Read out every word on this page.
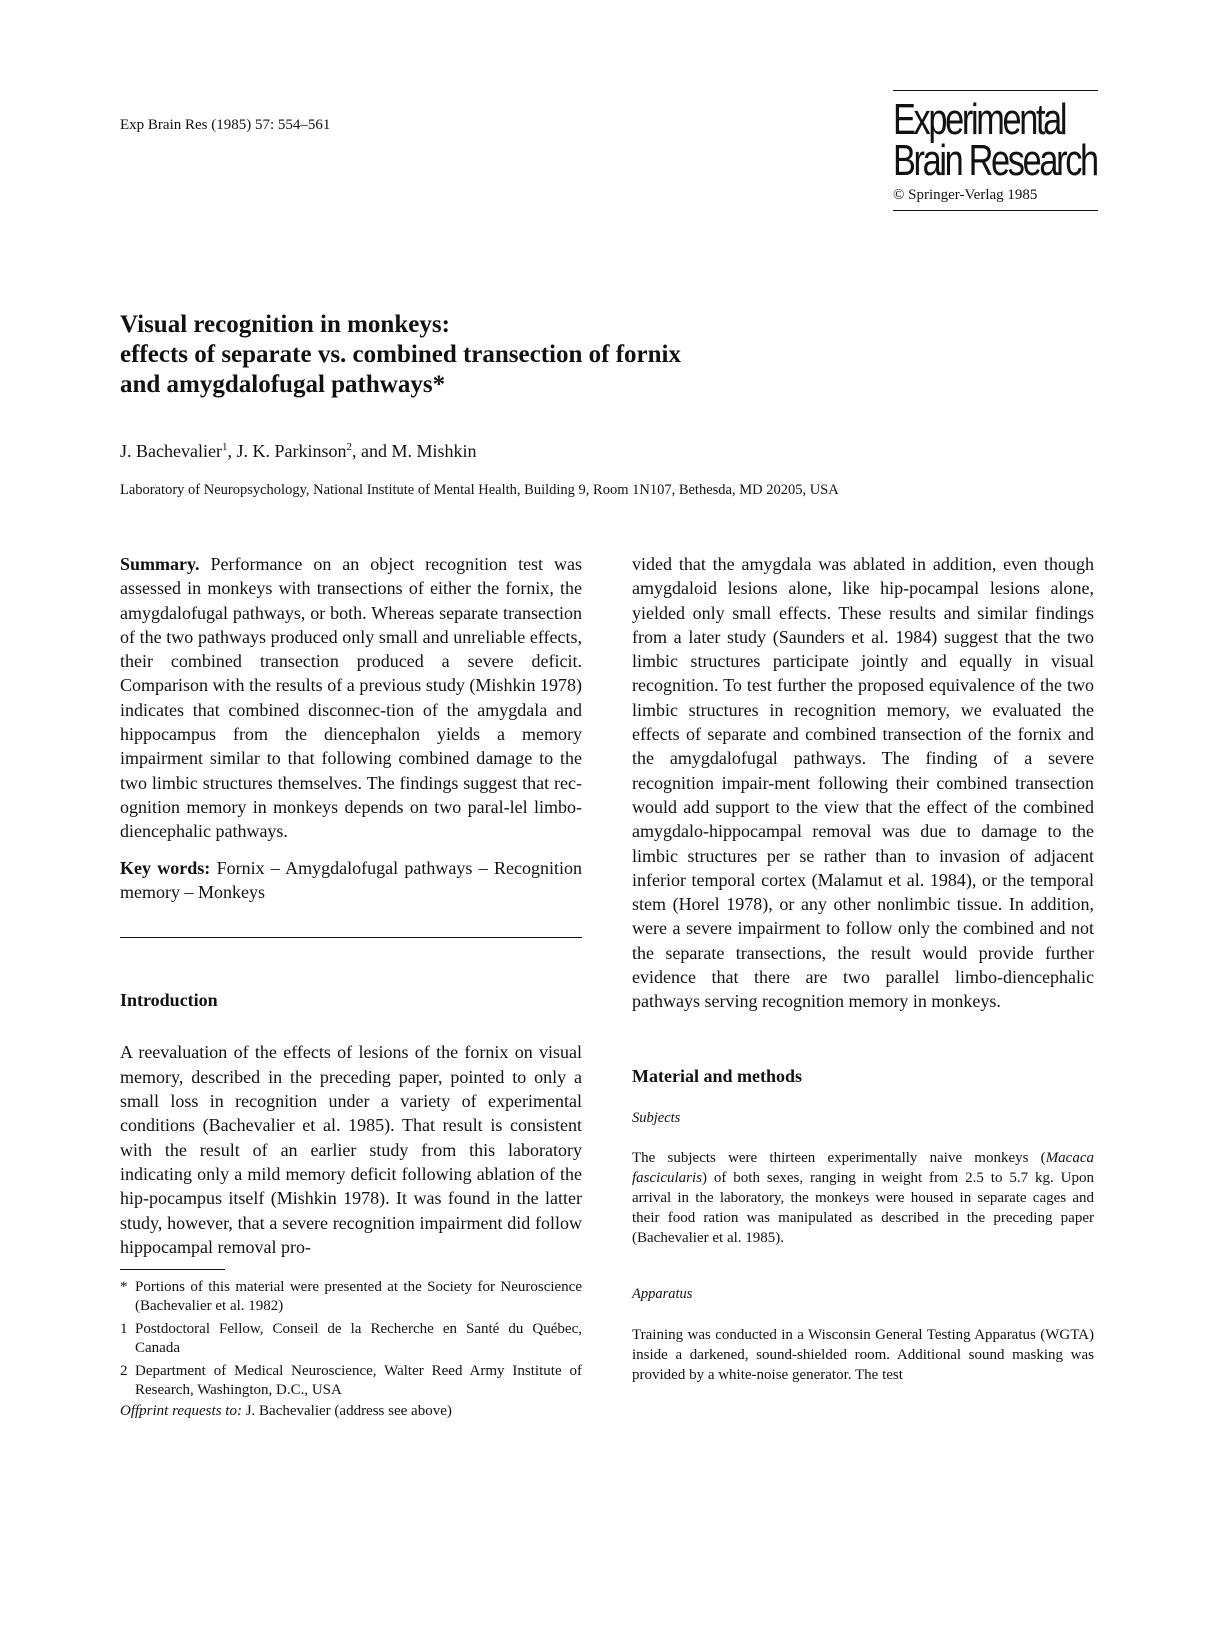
Exp Brain Res (1985) 57: 554–561	Experimental
Brain Research
© Springer-Verlag 1985
Visual recognition in monkeys:
effects of separate vs. combined transection of fornix
and amygdalofugal pathways*
J. Bachevalier$^1$, J. K. Parkinson$^2$, and M. Mishkin
Laboratory of Neuropsychology, National Institute of Mental Health, Building 9, Room 1N107, Bethesda, MD 20205, USA

Summary. Performance on an object recognition test was assessed in monkeys with transections of either the fornix, the amygdalofugal pathways, or both. Whereas separate transection of the two pathways produced only small and unreliable effects, their combined transection produced a severe deficit. Comparison with the results of a previous study (Mishkin 1978) indicates that combined disconnec-tion of the amygdala and hippocampus from the diencephalon yields a memory impairment similar to that following combined damage to the two limbic structures themselves. The findings suggest that rec-ognition memory in monkeys depends on two paral-lel limbo-diencephalic pathways.

Key words: Fornix – Amygdalofugal pathways – Recognition memory – Monkeys

Introduction

A reevaluation of the effects of lesions of the fornix on visual memory, described in the preceding paper, pointed to only a small loss in recognition under a variety of experimental conditions (Bachevalier et al. 1985). That result is consistent with the result of an earlier study from this laboratory indicating only a mild memory deficit following ablation of the hip-pocampus itself (Mishkin 1978). It was found in the latter study, however, that a severe recognition impairment did follow hippocampal removal pro-

* Portions of this material were presented at the Society for Neuroscience (Bachevalier et al. 1982)

1 Postdoctoral Fellow, Conseil de la Recherche en Santé du Québec, Canada

2 Department of Medical Neuroscience, Walter Reed Army Institute of Research, Washington, D.C., USA

Offprint requests to: J. Bachevalier (address see above)

vided that the amygdala was ablated in addition, even though amygdaloid lesions alone, like hip-pocampal lesions alone, yielded only small effects. These results and similar findings from a later study (Saunders et al. 1984) suggest that the two limbic structures participate jointly and equally in visual recognition. To test further the proposed equivalence of the two limbic structures in recognition memory, we evaluated the effects of separate and combined transection of the fornix and the amygdalofugal pathways. The finding of a severe recognition impair-ment following their combined transection would add support to the view that the effect of the combined amygdalo-hippocampal removal was due to damage to the limbic structures per se rather than to invasion of adjacent inferior temporal cortex (Malamut et al. 1984), or the temporal stem (Horel 1978), or any other nonlimbic tissue. In addition, were a severe impairment to follow only the combined and not the separate transections, the result would provide further evidence that there are two parallel limbo-diencephalic pathways serving recognition memory in monkeys.

Material and methods
Subjects

The subjects were thirteen experimentally naive monkeys (Macaca fascicularis) of both sexes, ranging in weight from 2.5 to 5.7 kg. Upon arrival in the laboratory, the monkeys were housed in separate cages and their food ration was manipulated as described in the preceding paper (Bachevalier et al. 1985).

Apparatus

Training was conducted in a Wisconsin General Testing Apparatus (WGTA) inside a darkened, sound-shielded room. Additional sound masking was provided by a white-noise generator. The test
